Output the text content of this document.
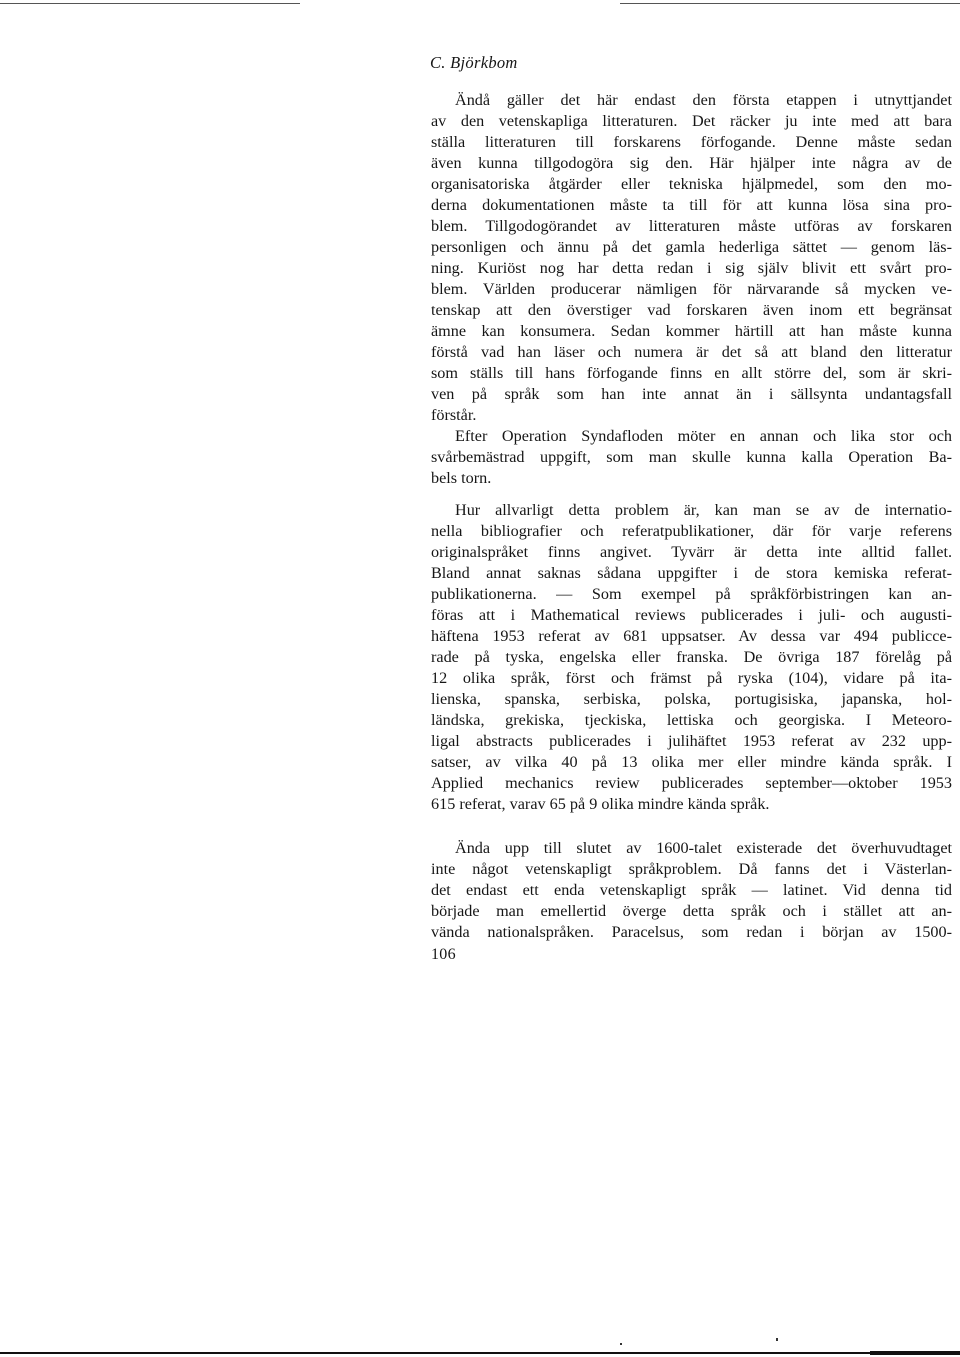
C. Björkbom
Ändå gäller det här endast den första etappen i utnyttjandet
av den vetenskapliga litteraturen. Det räcker ju inte med att bara
ställa litteraturen till forskarens förfogande. Denne måste sedan
även kunna tillgodogöra sig den. Här hjälper inte några av de
organisatoriska åtgärder eller tekniska hjälpmedel, som den mo-
derna dokumentationen måste ta till för att kunna lösa sina pro-
blem. Tillgodogörandet av litteraturen måste utföras av forskaren
personligen och ännu på det gamla hederliga sättet — genom läs-
ning. Kuriöst nog har detta redan i sig själv blivit ett svårt pro-
blem. Världen producerar nämligen för närvarande så mycken ve-
tenskap att den överstiger vad forskaren även inom ett begränsat
ämne kan konsumera. Sedan kommer härtill att han måste kunna
förstå vad han läser och numera är det så att bland den litteratur
som ställs till hans förfogande finns en allt större del, som är skri-
ven på språk som han inte annat än i sällsynta undantagsfall
förstår.
Efter Operation Syndafloden möter en annan och lika stor och
svårbemästrad uppgift, som man skulle kunna kalla Operation Ba-
bels torn.
Hur allvarligt detta problem är, kan man se av de internatio-
nella bibliografier och referatpublikationer, där för varje referens
originalspråket finns angivet. Tyvärr är detta inte alltid fallet.
Bland annat saknas sådana uppgifter i de stora kemiska referat-
publikationerna. — Som exempel på språkförbistringen kan an-
föras att i Mathematical reviews publicerades i juli- och augusti-
häftena 1953 referat av 681 uppsatser. Av dessa var 494 publicce-
rade på tyska, engelska eller franska. De övriga 187 förelåg på
12 olika språk, först och främst på ryska (104), vidare på ita-
lienska, spanska, serbiska, polska, portugisiska, japanska, hol-
ländska, grekiska, tjeckiska, lettiska och georgiska. I Meteoro-
ligal abstracts publicerades i julihäftet 1953 referat av 232 upp-
satser, av vilka 40 på 13 olika mer eller mindre kända språk. I
Applied mechanics review publicerades september—oktober 1953
615 referat, varav 65 på 9 olika mindre kända språk.
Ända upp till slutet av 1600-talet existerade det överhuvudtaget
inte något vetenskapligt språkproblem. Då fanns det i Västerlan-
det endast ett enda vetenskapligt språk — latinet. Vid denna tid
började man emellertid överge detta språk och i stället att an-
vända nationalspråken. Paracelsus, som redan i början av 1500-
106
